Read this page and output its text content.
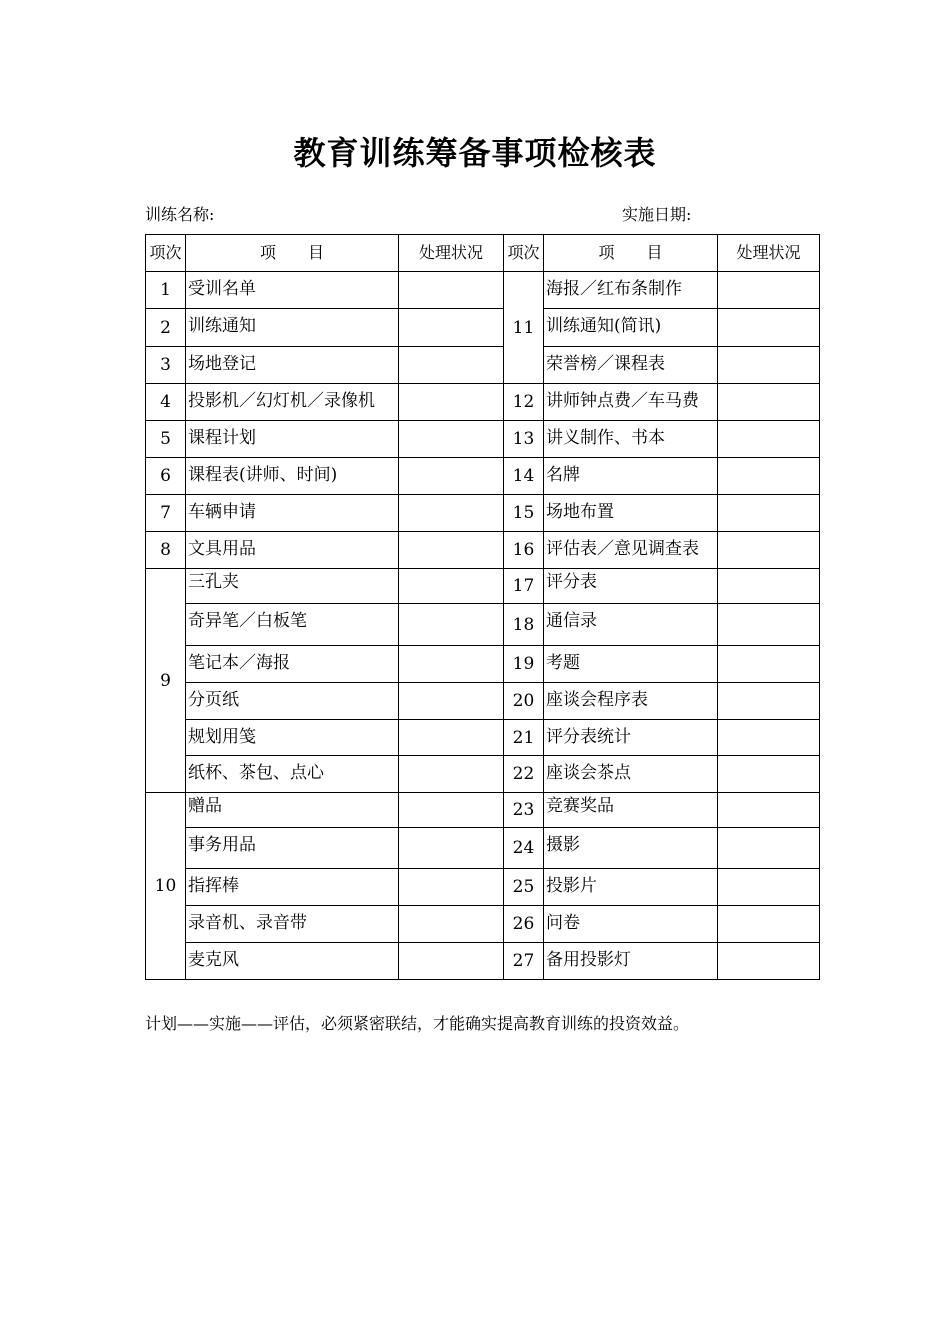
教育训练筹备事项检核表
训练名称:	实施日期:
项次	项　　目	处理状况	项次	项　　目	处理状况
1	受训名单		11	海报／红布条制作	
2	训练通知			训练通知(简讯)	
3	场地登记			荣誉榜／课程表	
4	投影机／幻灯机／录像机		12	讲师钟点费／车马费	
5	课程计划		13	讲义制作、书本	
6	课程表(讲师、时间)		14	名牌	
7	车辆申请		15	场地布置	
8	文具用品		16	评估表／意见调查表	
9	三孔夹		17	评分表	
	奇异笔／白板笔		18	通信录	
	笔记本／海报		19	考题	
	分页纸		20	座谈会程序表	
	规划用笺		21	评分表统计	
	纸杯、茶包、点心		22	座谈会茶点	
10	赠品		23	竞赛奖品	
	事务用品		24	摄影	
	指挥棒		25	投影片	
	录音机、录音带		26	问卷	
	麦克风		27	备用投影灯	
计划——实施——评估，必须紧密联结，才能确实提高教育训练的投资效益。
